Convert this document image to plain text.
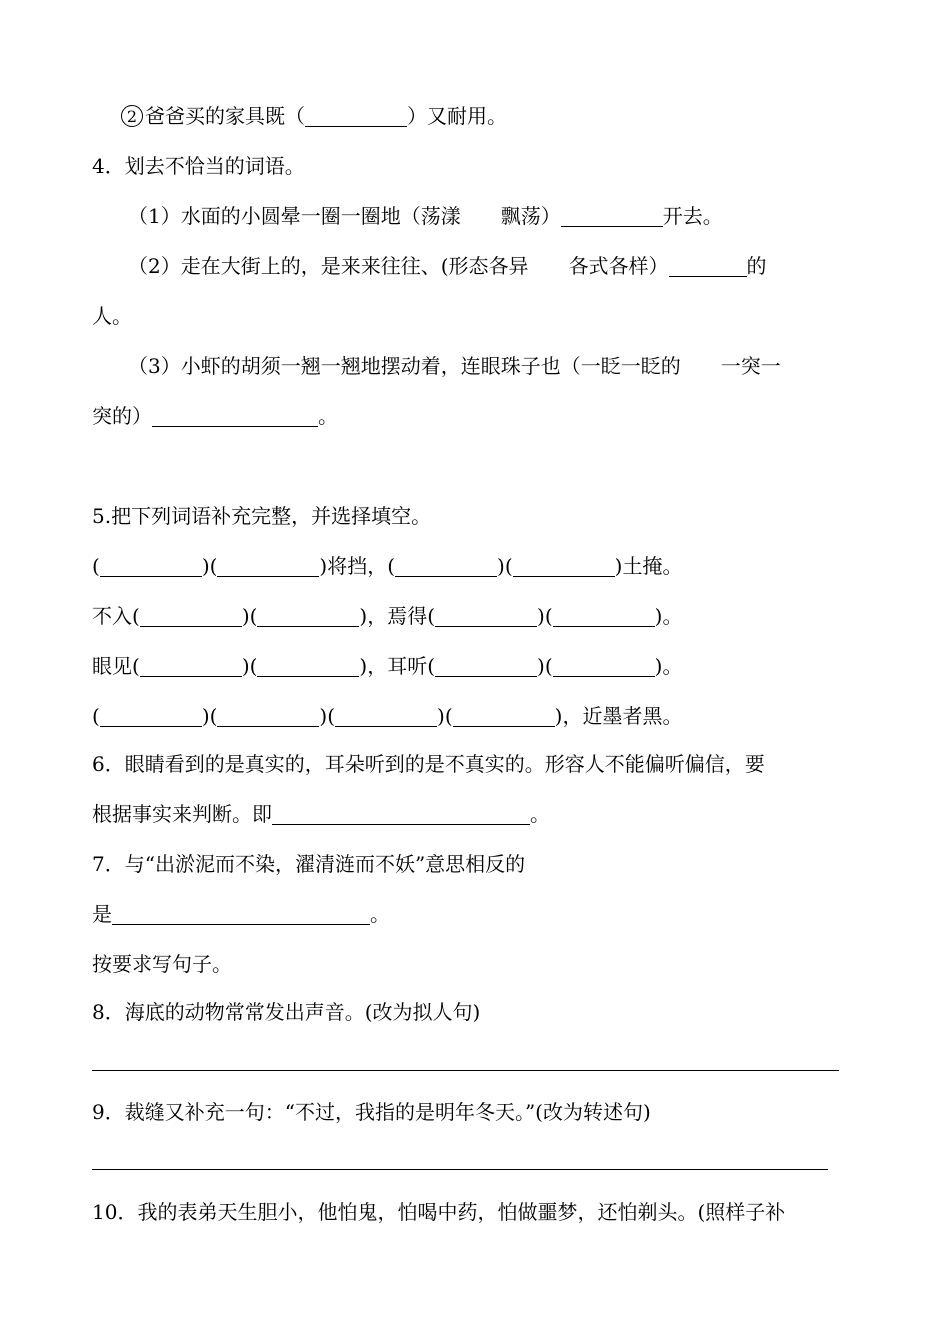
2 爸爸买的家具既（	）又耐用。
4．划去不恰当的词语。
（1）水面的小圆晕一圈一圈地（荡漾　　飘荡）	开去。
（2）走在大街上的，是来来往往、(形态各异　　各式各样）	的
人。
（3）小虾的胡须一翘一翘地摆动着，连眼珠子也（一眨一眨的　　一突一
突的）	。
5.把下列词语补充完整，并选择填空。
(	)(	)将挡，(	)(	)土掩。
不入(	)(	)，焉得(	)(	)。
眼见(	)(	)，耳听(	)(	)。
(	)(	)(	)(	)，近墨者黑。
6．眼睛看到的是真实的，耳朵听到的是不真实的。形容人不能偏听偏信，要
根据事实来判断。即	。
7．与“出淤泥而不染，濯清涟而不妖”意思相反的
是	。
按要求写句子。
8．海底的动物常常发出声音。(改为拟人句)
9．裁缝又补充一句：“不过，我指的是明年冬天。”(改为转述句)
10．我的表弟天生胆小，他怕鬼，怕喝中药，怕做噩梦，还怕剃头。(照样子补
